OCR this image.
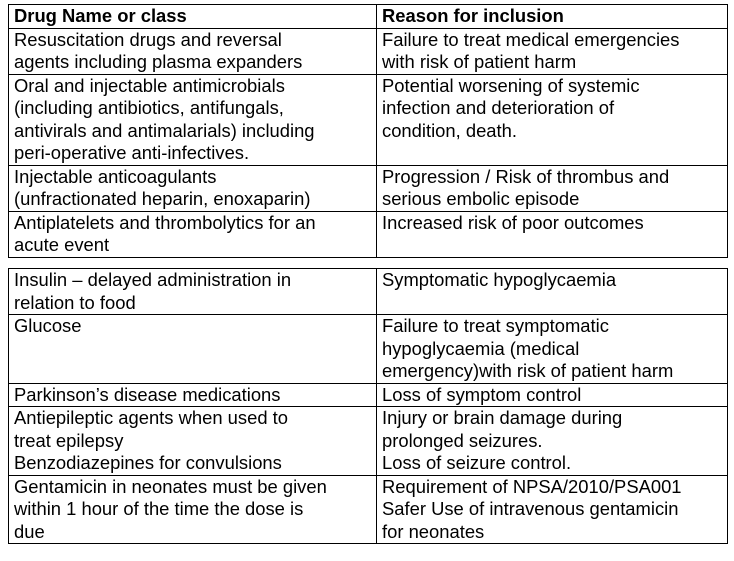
Drug Name or class	Reason for inclusion

Resuscitation drugs and reversal
agents including plasma expanders	Failure to treat medical emergencies
with risk of patient harm

Oral and injectable antimicrobials
(including antibiotics, antifungals,
antivirals and antimalarials) including
peri-operative anti-infectives.	Potential worsening of systemic
infection and deterioration of
condition, death.

Injectable anticoagulants
(unfractionated heparin, enoxaparin)	Progression / Risk of thrombus and
serious embolic episode

Antiplatelets and thrombolytics for an
acute event	Increased risk of poor outcomes
Insulin – delayed administration in
relation to food	Symptomatic hypoglycaemia

Glucose	Failure to treat symptomatic
hypoglycaemia (medical
emergency)with risk of patient harm

Parkinson’s disease medications	Loss of symptom control

Antiepileptic agents when used to
treat epilepsy
Benzodiazepines for convulsions	Injury or brain damage during
prolonged seizures.
Loss of seizure control.

Gentamicin in neonates must be given
within 1 hour of the time the dose is
due	Requirement of NPSA/2010/PSA001
Safer Use of intravenous gentamicin
for neonates
